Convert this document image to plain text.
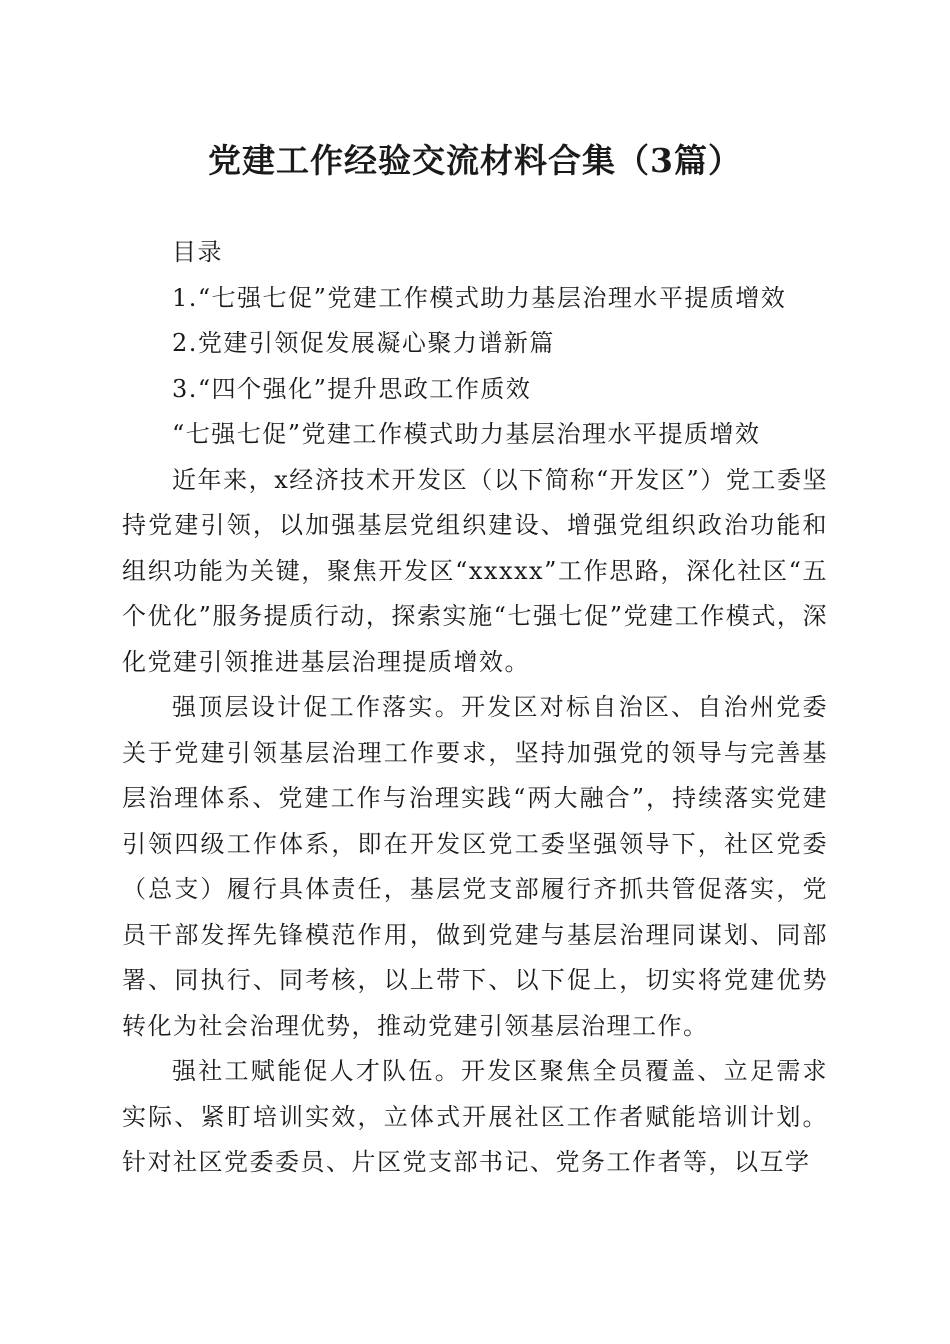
党建工作经验交流材料合集（3篇）

目录

1.“七强七促”党建工作模式助力基层治理水平提质增效

2.党建引领促发展凝心聚力谱新篇

3.“四个强化”提升思政工作质效

“七强七促”党建工作模式助力基层治理水平提质增效

近年来，x经济技术开发区（以下简称“开发区”）党工委坚持党建引领，以加强基层党组织建设、增强党组织政治功能和组织功能为关键，聚焦开发区“xxxxx”工作思路，深化社区“五个优化”服务提质行动，探索实施“七强七促”党建工作模式，深化党建引领推进基层治理提质增效。

强顶层设计促工作落实。开发区对标自治区、自治州党委关于党建引领基层治理工作要求，坚持加强党的领导与完善基层治理体系、党建工作与治理实践“两大融合”，持续落实党建引领四级工作体系，即在开发区党工委坚强领导下，社区党委（总支）履行具体责任，基层党支部履行齐抓共管促落实，党员干部发挥先锋模范作用，做到党建与基层治理同谋划、同部署、同执行、同考核，以上带下、以下促上，切实将党建优势转化为社会治理优势，推动党建引领基层治理工作。

强社工赋能促人才队伍。开发区聚焦全员覆盖、立足需求实际、紧盯培训实效，立体式开展社区工作者赋能培训计划。针对社区党委委员、片区党支部书记、党务工作者等，以互学
